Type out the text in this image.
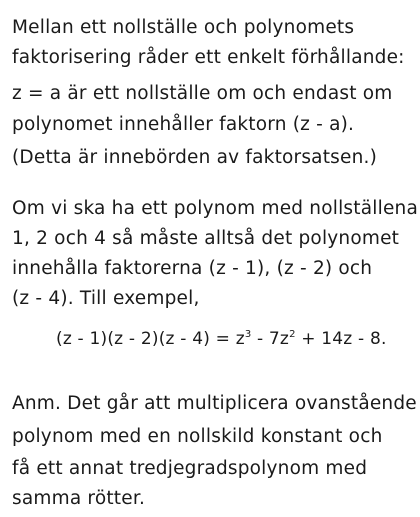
Mellan ett nollställe och polynomets
faktorisering råder ett enkelt förhållande:
z = a är ett nollställe om och endast om
polynomet innehåller faktorn (z - a).
(Detta är innebörden av faktorsatsen.)
Om vi ska ha ett polynom med nollställena
1, 2 och 4 så måste alltså det polynomet
innehålla faktorerna (z - 1), (z - 2) och
(z - 4). Till exempel,
$(z - 1)(z - 2)(z - 4) = z^3 - 7z^2 + 14z - 8$.
Anm. Det går att multiplicera ovanstående
polynom med en nollskild konstant och
få ett annat tredjegradspolynom med
samma rötter.
